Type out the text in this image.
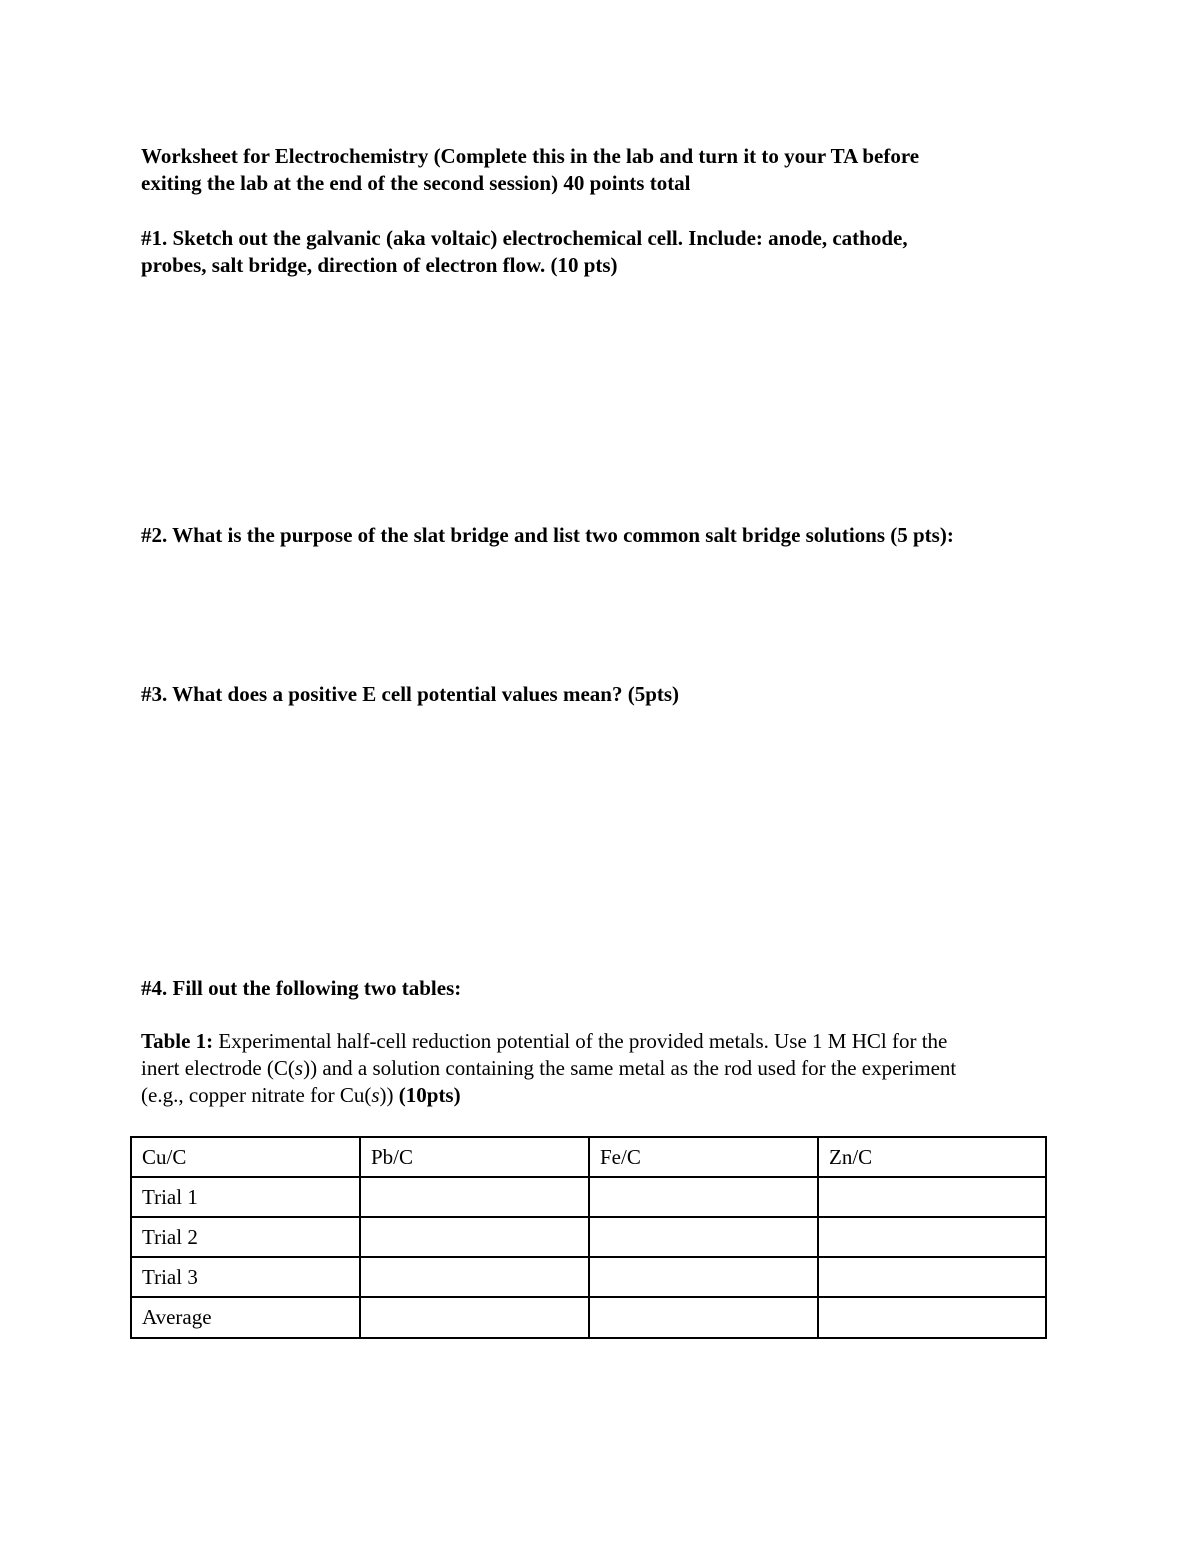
Worksheet for Electrochemistry (Complete this in the lab and turn it to your TA before
exiting the lab at the end of the second session) 40 points total
#1. Sketch out the galvanic (aka voltaic) electrochemical cell. Include: anode, cathode,
probes, salt bridge, direction of electron flow. (10 pts)
#2. What is the purpose of the slat bridge and list two common salt bridge solutions (5 pts):
#3. What does a positive E cell potential values mean? (5pts)
#4. Fill out the following two tables:
Table 1: Experimental half-cell reduction potential of the provided metals. Use 1 M HCl for the
inert electrode (C(s)) and a solution containing the same metal as the rod used for the experiment
(e.g., copper nitrate for Cu(s)) (10pts)
Cu/C	Pb/C	Fe/C	Zn/C
Trial 1			
Trial 2			
Trial 3			
Average			
